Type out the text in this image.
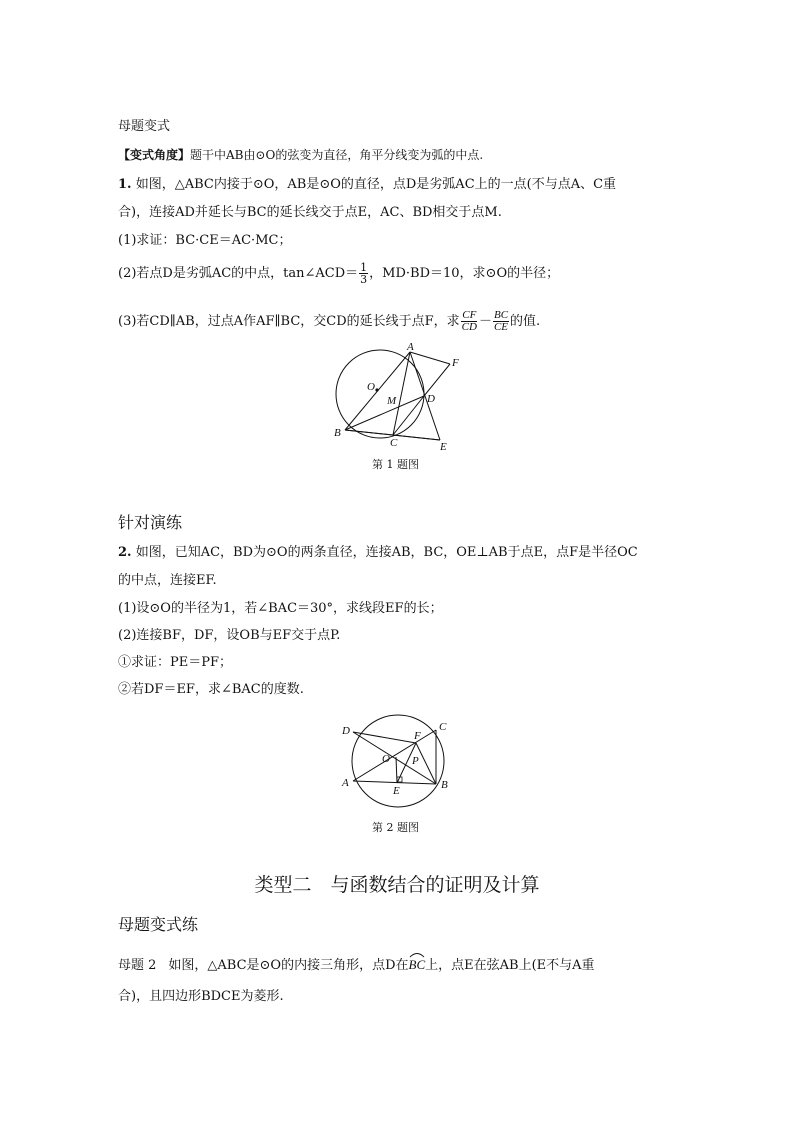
母题变式
【变式角度】题干中AB由⊙O的弦变为直径，角平分线变为弧的中点.
1. 如图，△ABC内接于⊙O，AB是⊙O的直径，点D是劣弧AC上的一点(不与点A、C重
合)，连接AD并延长与BC的延长线交于点E，AC、BD相交于点M.
(1)求证：BC·CE＝AC·MC；
(2)若点D是劣弧AC的中点，tan∠ACD＝ $\frac{1}{3}$ ，MD·BD＝10，求⊙O的半径；
(3)若CD∥AB，过点A作AF∥BC，交CD的延长线于点F，求 $\frac{CF}{CD} - \frac{BC}{CE}$ 的值.
A
F
O
M	D
B
C	E
第 1 题图
针对演练
2. 如图，已知AC，BD为⊙O的两条直径，连接AB，BC，OE⊥AB于点E，点F是半径OC
的中点，连接EF.
(1)设⊙O的半径为1，若∠BAC＝30°，求线段EF的长；
(2)连接BF，DF，设OB与EF交于点P.
①求证：PE＝PF；
②若DF＝EF，求∠BAC的度数.
D	C
F
O P
A
E	B
第 2 题图
类型二　与函数结合的证明及计算
母题变式练
母题 2 如图，△ABC是⊙O的内接三角形，点D在BC
上，点E在弦AB上(E不与A重
合)，且四边形BDCE为菱形.
